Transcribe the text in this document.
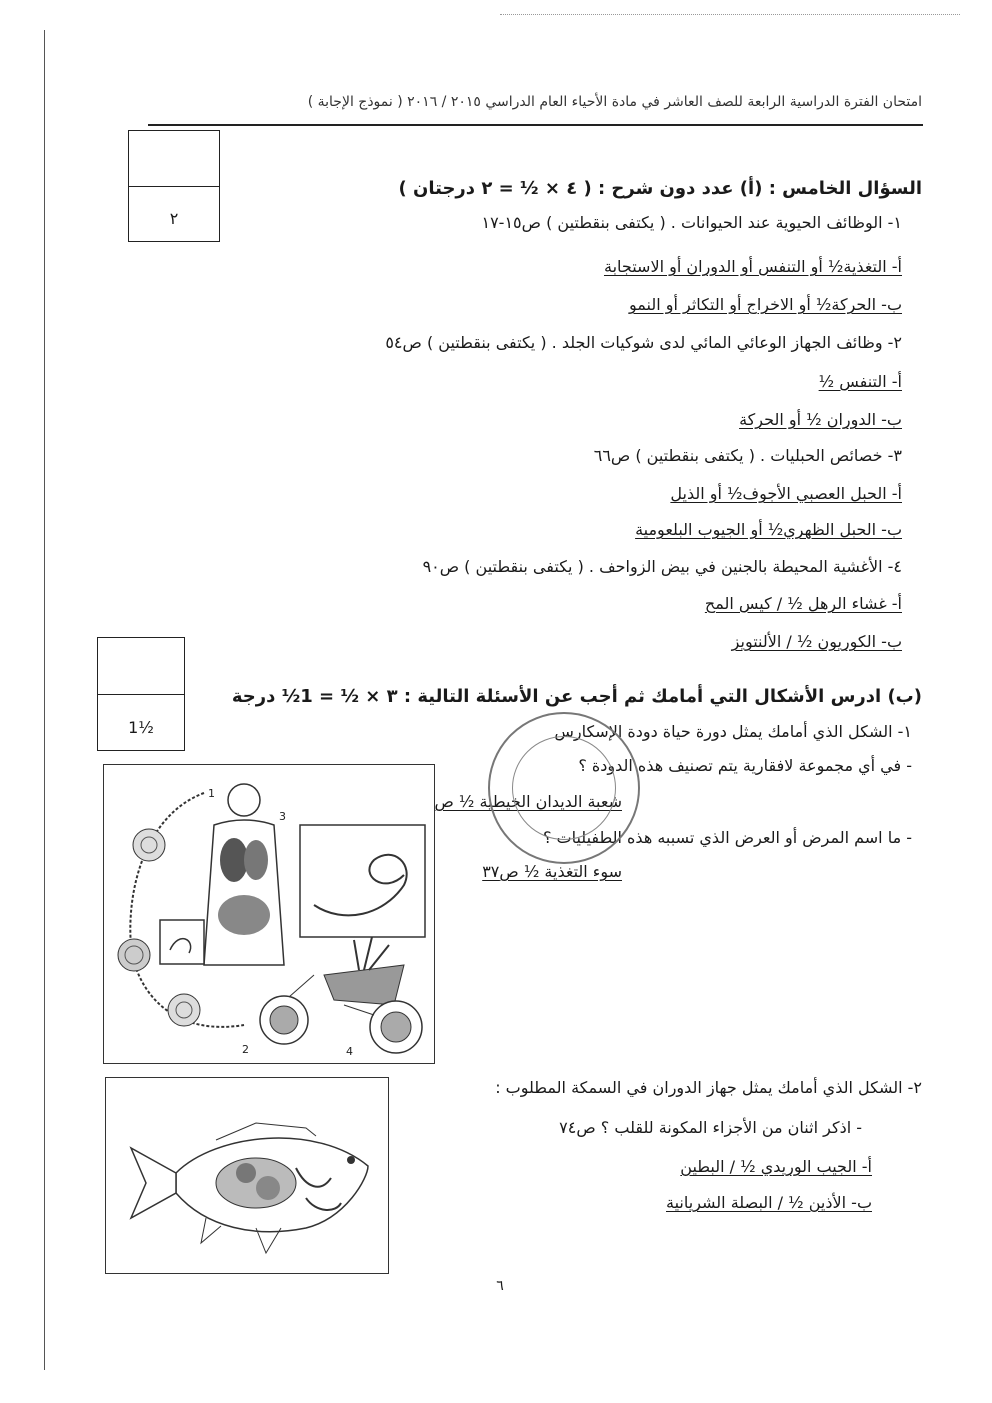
امتحان الفترة الدراسية الرابعة للصف العاشر في مادة الأحياء العام الدراسي ٢٠١٥ / ٢٠١٦ ( نموذج الإجابة )
٢
السؤال الخامس : (أ) عدد دون شرح : ( ٤ × ½ = ٢ درجتان )
١- الوظائف الحيوية عند الحيوانات . ( يكتفى بنقطتين ) ص١٥-١٧
أ- التغذية½ أو التنفس أو الدوران أو الاستجابة
ب- الحركة½ أو الاخراج أو التكاثر أو النمو
٢- وظائف الجهاز الوعائي المائي لدى شوكيات الجلد . ( يكتفى بنقطتين ) ص٥٤
أ- التنفس ½
ب- الدوران ½ أو الحركة
٣- خصائص الحبليات . ( يكتفى بنقطتين ) ص٦٦
أ- الحبل العصبي الأجوف½ أو الذيل
ب- الحبل الظهري½ أو الجيوب البلعومية
٤- الأغشية المحيطة بالجنين في بيض الزواحف . ( يكتفى بنقطتين ) ص٩٠
أ- غشاء الرهل ½ / كيس المح
ب- الكوريون ½ / الألنتويز
1½
(ب) ادرس الأشكال التي أمامك ثم أجب عن الأسئلة التالية : ٣ × ½ = 1½ درجة
١- الشكل الذي أمامك يمثل دورة حياة دودة الإسكارس
- في أي مجموعة لافقارية يتم تصنيف هذه الدودة ؟
شعبة الديدان الخيطية ½ ص
- ما اسم المرض أو العرض الذي تسببه هذه الطفيليات ؟
سوء التغذية ½ ص٣٧
1
2
3
4
٢- الشكل الذي أمامك يمثل جهاز الدوران في السمكة المطلوب :
- اذكر اثنان من الأجزاء المكونة للقلب ؟ ص٧٤
أ- الجيب الوريدي ½ / البطين
ب- الأذين ½ / البصلة الشريانية
٦
